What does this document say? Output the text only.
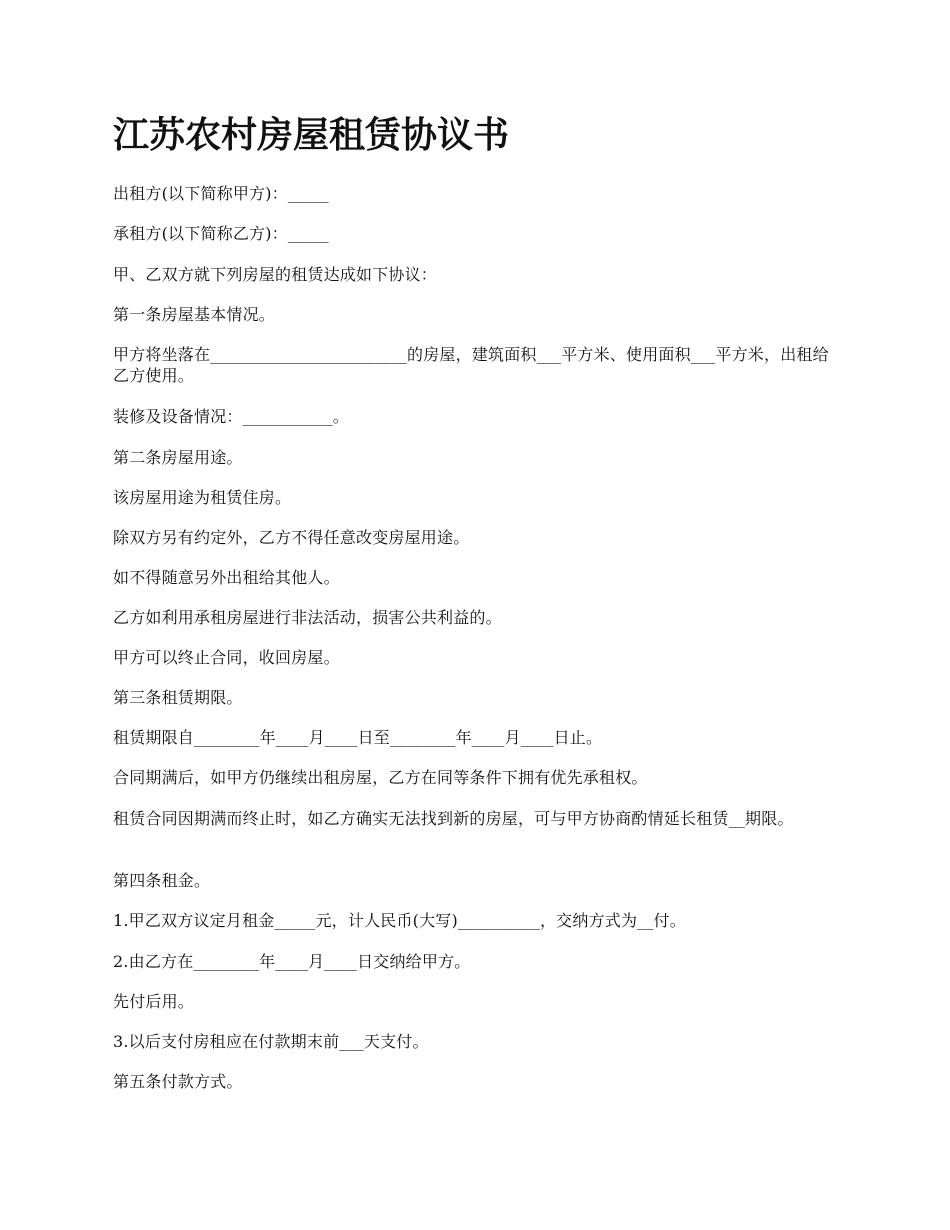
江苏农村房屋租赁协议书

出租方(以下简称甲方)：_____

承租方(以下简称乙方)：_____

甲、乙双方就下列房屋的租赁达成如下协议：

第一条房屋基本情况。

甲方将坐落在________________________的房屋，建筑面积___平方米、使用面积___平方米，出租给乙方使用。

装修及设备情况：___________。

第二条房屋用途。

该房屋用途为租赁住房。

除双方另有约定外，乙方不得任意改变房屋用途。

如不得随意另外出租给其他人。

乙方如利用承租房屋进行非法活动，损害公共利益的。

甲方可以终止合同，收回房屋。

第三条租赁期限。

租赁期限自________年____月____日至________年____月____日止。

合同期满后，如甲方仍继续出租房屋，乙方在同等条件下拥有优先承租权。

租赁合同因期满而终止时，如乙方确实无法找到新的房屋，可与甲方协商酌情延长租赁__期限。

第四条租金。

1.甲乙双方议定月租金_____元，计人民币(大写)__________，交纳方式为__付。

2.由乙方在________年____月____日交纳给甲方。

先付后用。

3.以后支付房租应在付款期末前___天支付。

第五条付款方式。
